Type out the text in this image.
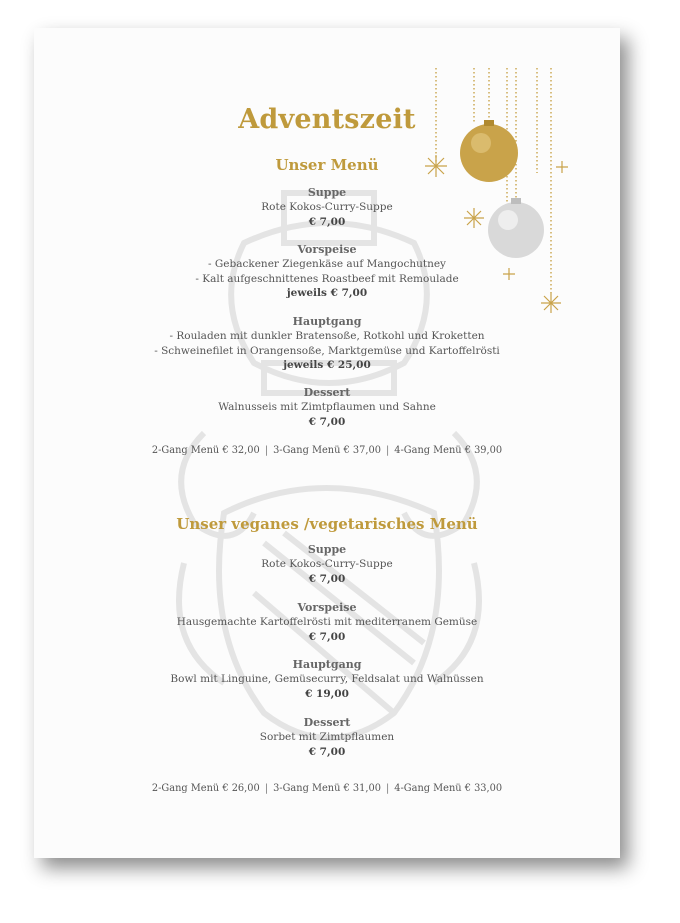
Adventszeit
Unser Menü
Suppe
Rote Kokos-Curry-Suppe
€ 7,00
Vorspeise
- Gebackener Ziegenkäse auf Mangochutney
- Kalt aufgeschnittenes Roastbeef mit Remoulade
jeweils € 7,00
Hauptgang
- Rouladen mit dunkler Bratensoße, Rotkohl und Kroketten
- Schweinefilet in Orangensoße, Marktgemüse und Kartoffelrösti
jeweils € 25,00
Dessert
Walnusseis mit Zimtpflaumen und Sahne
€ 7,00
2-Gang Menü € 32,00 | 3-Gang Menü € 37,00 | 4-Gang Menü € 39,00
Unser veganes /vegetarisches Menü
Suppe
Rote Kokos-Curry-Suppe
€ 7,00
Vorspeise
Hausgemachte Kartoffelrösti mit mediterranem Gemüse
€ 7,00
Hauptgang
Bowl mit Linguine, Gemüsecurry, Feldsalat und Walnüssen
€ 19,00
Dessert
Sorbet mit Zimtpflaumen
€ 7,00
2-Gang Menü € 26,00 | 3-Gang Menü € 31,00 | 4-Gang Menü € 33,00
